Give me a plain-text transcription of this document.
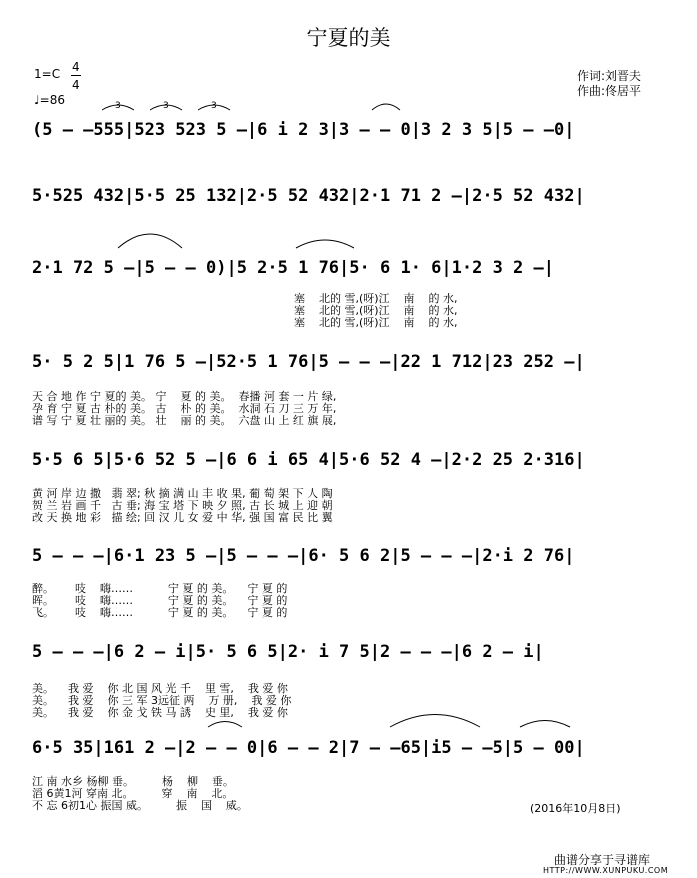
宁夏的美
1=C 4
4
♩=86
作词:刘晋夫
作曲:佟居平
(5 — —555|523 523 5 —|6 i 2 3|3 — — 0|3 2 3 5|5 — —0|
5·525 432|5·5 25 132|2·5 52 432|2·1 71 2 —|2·5 52 432|
2·1 72 5 —|5 — — 0)|5 2·5 1 76|5· 6 1· 6|1·2 3 2 —|
塞    北的 雪,(呀)江    南    的 水,
塞    北的 雪,(呀)江    南    的 水,
塞    北的 雪,(呀)江    南    的 水,
5· 5 2 5|1 76 5 —|52·5 1 76|5 — — —|22 1 712|23 252 —|
天 合 地 作 宁 夏的 美。 宁    夏 的 美。  春播 河 套 一 片 绿,
孕 育 宁 夏 古 朴的 美。 古    朴 的 美。  水洞 石 刀 三 万 年,
谱 写 宁 夏 壮 丽的 美。 壮    丽 的 美。  六盘 山 上 红 旗 展,
5·5 6 5|5·6 52 5 —|6 6 i 65 4|5·6 52 4 —|2·2 25 2·316|
黄 河 岸 边 撒   翡 翠; 秋 摘 满 山 丰 收 果, 葡 萄 架 下 人 陶
贺 兰 岩 画 千   古 垂; 海 宝 塔 下 映 夕 照, 古 长 城 上 迎 朝
改 天 换 地 彩   描 绘; 回 汉 儿 女 爱 中 华, 强 国 富 民 比 翼
5 — — —|6·1 23 5 —|5 — — —|6· 5 6 2|5 — — —|2·i 2 76|
醉。      吱    嗨……          宁 夏 的 美。    宁 夏 的
晖。      吱    嗨……          宁 夏 的 美。    宁 夏 的
飞。      吱    嗨……          宁 夏 的 美。    宁 夏 的
5 — — —|6 2 — i|5· 5 6 5|2· i 7 5|2 — — —|6 2 — i|
美。    我 爱    你 北 国 风 光 千    里 雪,    我 爱 你
美。    我 爱    你 三 军 3远征 两    万 册,    我 爱 你
美。    我 爱    你 金 戈 铁 马 誘    史 里,    我 爱 你
6·5 35|161 2 —|2 — — 0|6 — — 2|7 — —65|i5 — —5|5 — 00|
江 南 水乡 杨柳 垂。        杨    柳    垂。
滔 6黄1河 穿南 北。        穿    南    北。
不 忘 6初1心 振国 威。        振    国    威。	(2016年10月8日)
3	3	3
曲谱分享于寻谱库
HTTP://WWW.XUNPUKU.COM
